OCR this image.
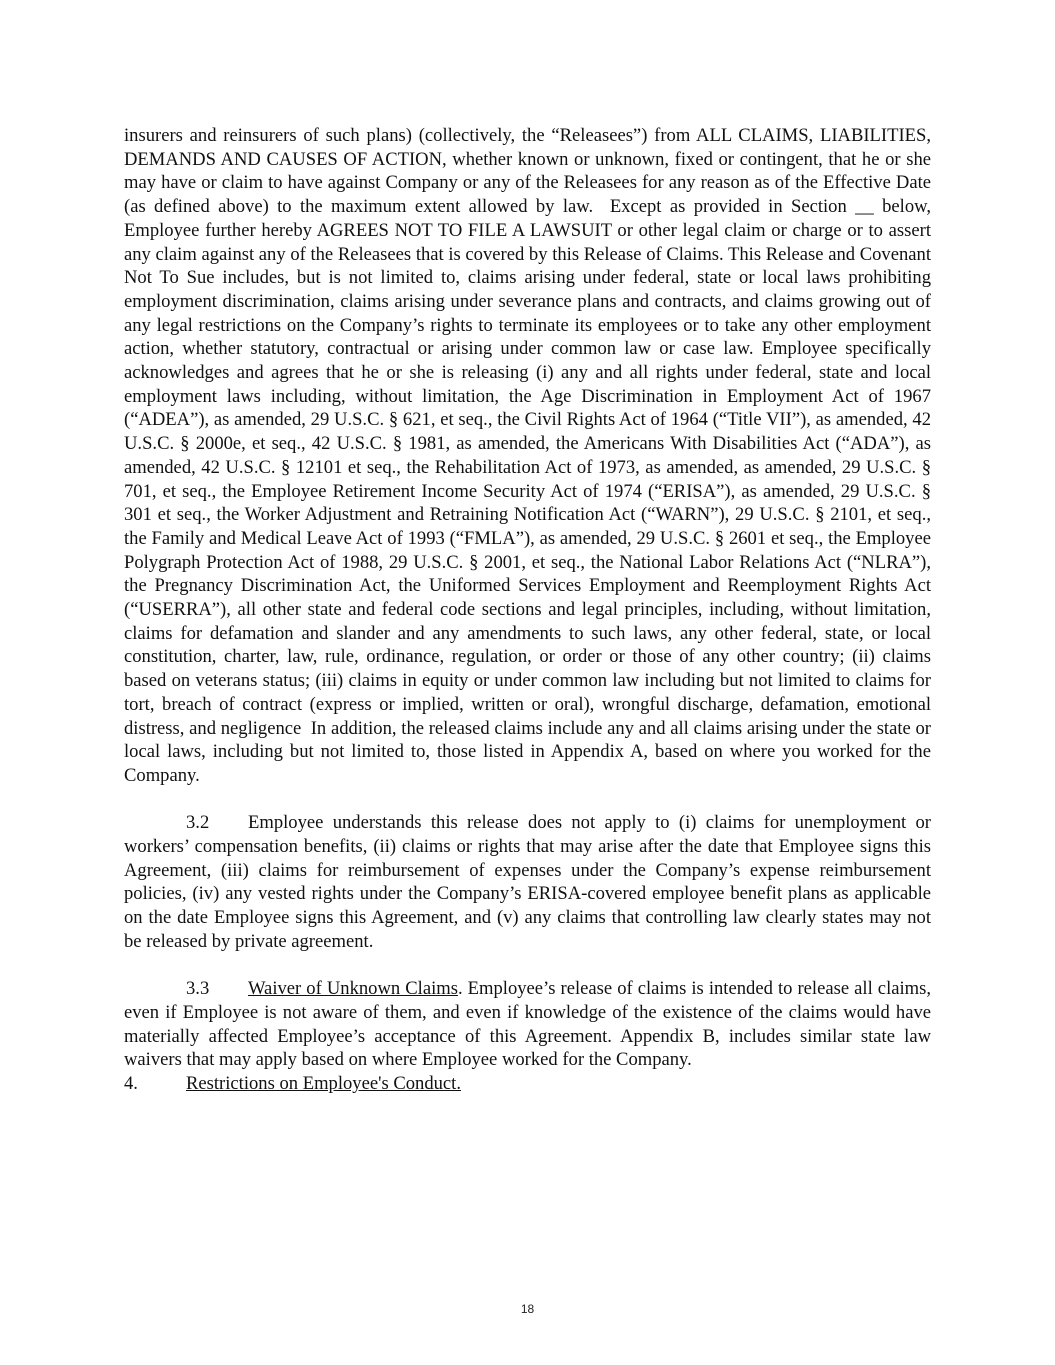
insurers and reinsurers of such plans) (collectively, the “Releasees”) from ALL CLAIMS, LIABILITIES, DEMANDS AND CAUSES OF ACTION, whether known or unknown, fixed or contingent, that he or she may have or claim to have against Company or any of the Releasees for any reason as of the Effective Date (as defined above) to the maximum extent allowed by law.  Except as provided in Section __ below, Employee further hereby AGREES NOT TO FILE A LAWSUIT or other legal claim or charge or to assert any claim against any of the Releasees that is covered by this Release of Claims. This Release and Covenant Not To Sue includes, but is not limited to, claims arising under federal, state or local laws prohibiting employment discrimination, claims arising under severance plans and contracts, and claims growing out of any legal restrictions on the Company’s rights to terminate its employees or to take any other employment action, whether statutory, contractual or arising under common law or case law. Employee specifically acknowledges and agrees that he or she is releasing (i) any and all rights under federal, state and local employment laws including, without limitation, the Age Discrimination in Employment Act of 1967 (“ADEA”), as amended, 29 U.S.C. § 621, et seq., the Civil Rights Act of 1964 (“Title VII”), as amended, 42 U.S.C. § 2000e, et seq., 42 U.S.C. § 1981, as amended, the Americans With Disabilities Act (“ADA”), as amended, 42 U.S.C. § 12101 et seq., the Rehabilitation Act of 1973, as amended, as amended, 29 U.S.C. § 701, et seq., the Employee Retirement Income Security Act of 1974 (“ERISA”), as amended, 29 U.S.C. § 301 et seq., the Worker Adjustment and Retraining Notification Act (“WARN”), 29 U.S.C. § 2101, et seq., the Family and Medical Leave Act of 1993 (“FMLA”), as amended, 29 U.S.C. § 2601 et seq., the Employee Polygraph Protection Act of 1988, 29 U.S.C. § 2001, et seq., the National Labor Relations Act (“NLRA”), the Pregnancy Discrimination Act, the Uniformed Services Employment and Reemployment Rights Act (“USERRA”), all other state and federal code sections and legal principles, including, without limitation, claims for defamation and slander and any amendments to such laws, any other federal, state, or local constitution, charter, law, rule, ordinance, regulation, or order or those of any other country; (ii) claims based on veterans status; (iii) claims in equity or under common law including but not limited to claims for tort, breach of contract (express or implied, written or oral), wrongful discharge, defamation, emotional distress, and negligence  In addition, the released claims include any and all claims arising under the state or local laws, including but not limited to, those listed in Appendix A, based on where you worked for the Company.

3.2 Employee understands this release does not apply to (i) claims for unemployment or workers’ compensation benefits, (ii) claims or rights that may arise after the date that Employee signs this Agreement, (iii) claims for reimbursement of expenses under the Company’s expense reimbursement policies, (iv) any vested rights under the Company’s ERISA-covered employee benefit plans as applicable on the date Employee signs this Agreement, and (v) any claims that controlling law clearly states may not be released by private agreement.

3.3 Waiver of Unknown Claims. Employee’s release of claims is intended to release all claims, even if Employee is not aware of them, and even if knowledge of the existence of the claims would have materially affected Employee’s acceptance of this Agreement. Appendix B, includes similar state law waivers that may apply based on where Employee worked for the Company.

4.	Restrictions on Employee's Conduct.

18
